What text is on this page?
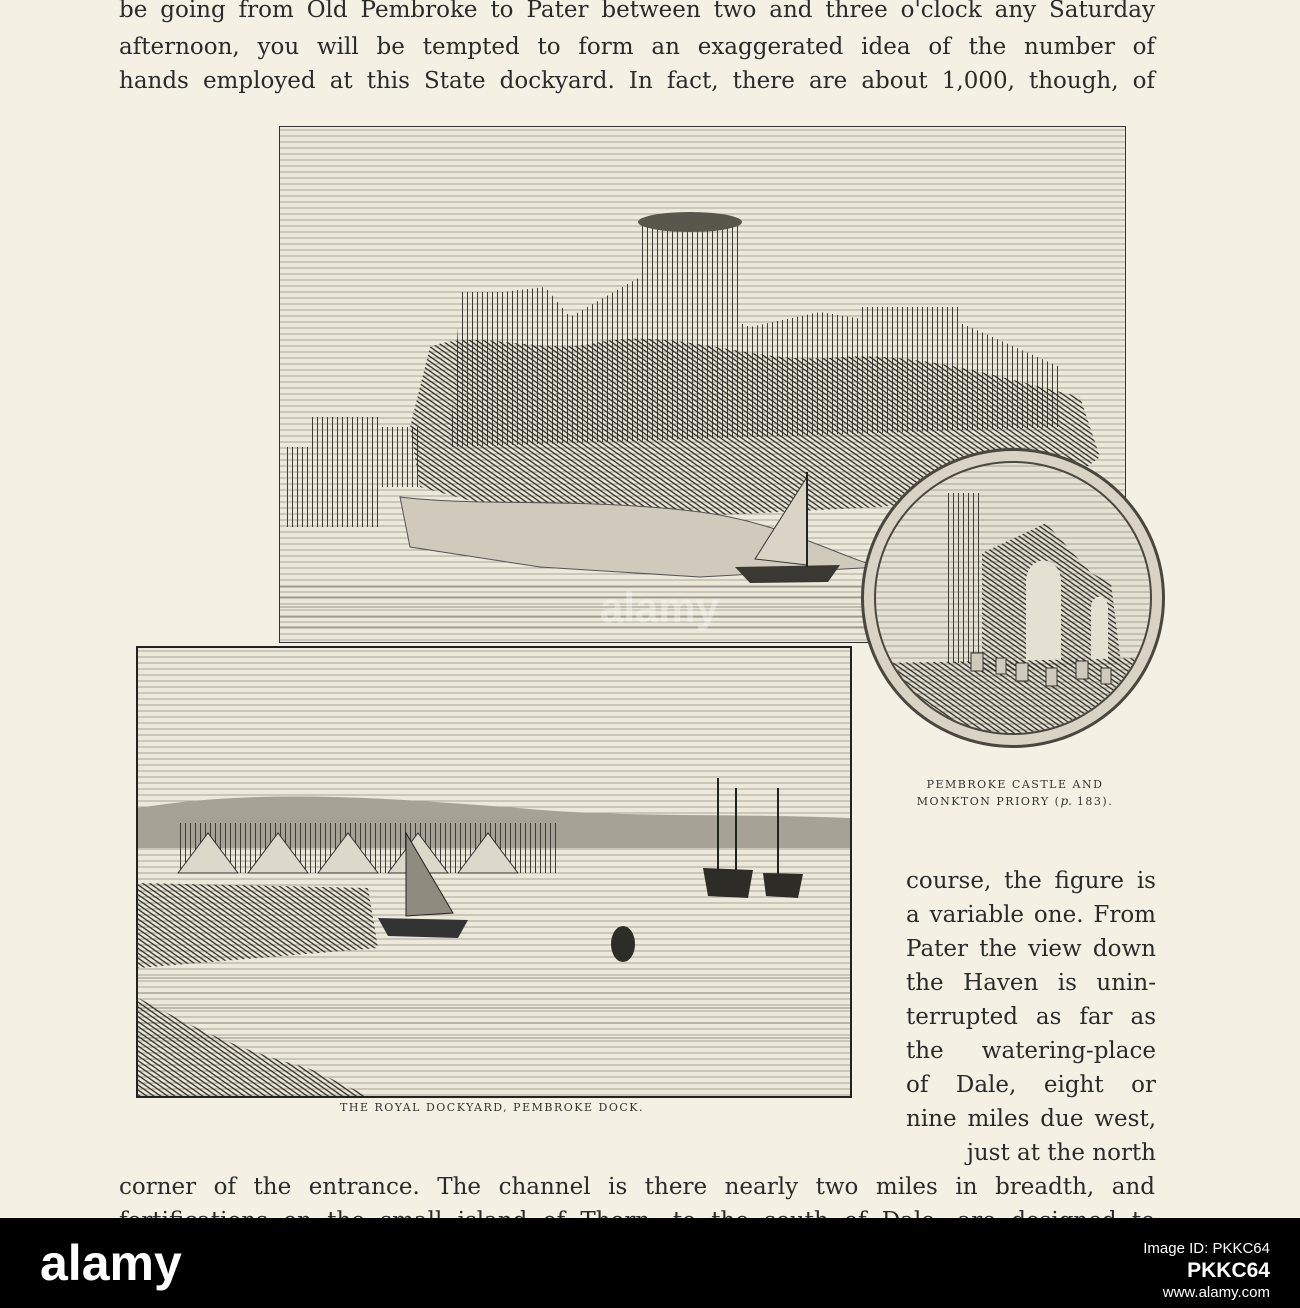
be going from Old Pembroke to Pater between two and three o'clock any Saturday

afternoon, you will be tempted to form an exaggerated idea of the number of

hands employed at this State dockyard. In fact, there are about 1,000, though, of

alamy

THE ROYAL DOCKYARD, PEMBROKE DOCK.

PEMBROKE CASTLE AND
MONKTON PRIORY (p. 183).

course, the figure is

a variable one. From

Pater the view down

the Haven is unin-

terrupted as far as

the watering-place

of Dale, eight or

nine miles due west,

just at the north

corner of the entrance. The channel is there nearly two miles in breadth, and

alamy	Image ID: PKKC64
PKKC64
www.alamy.com
